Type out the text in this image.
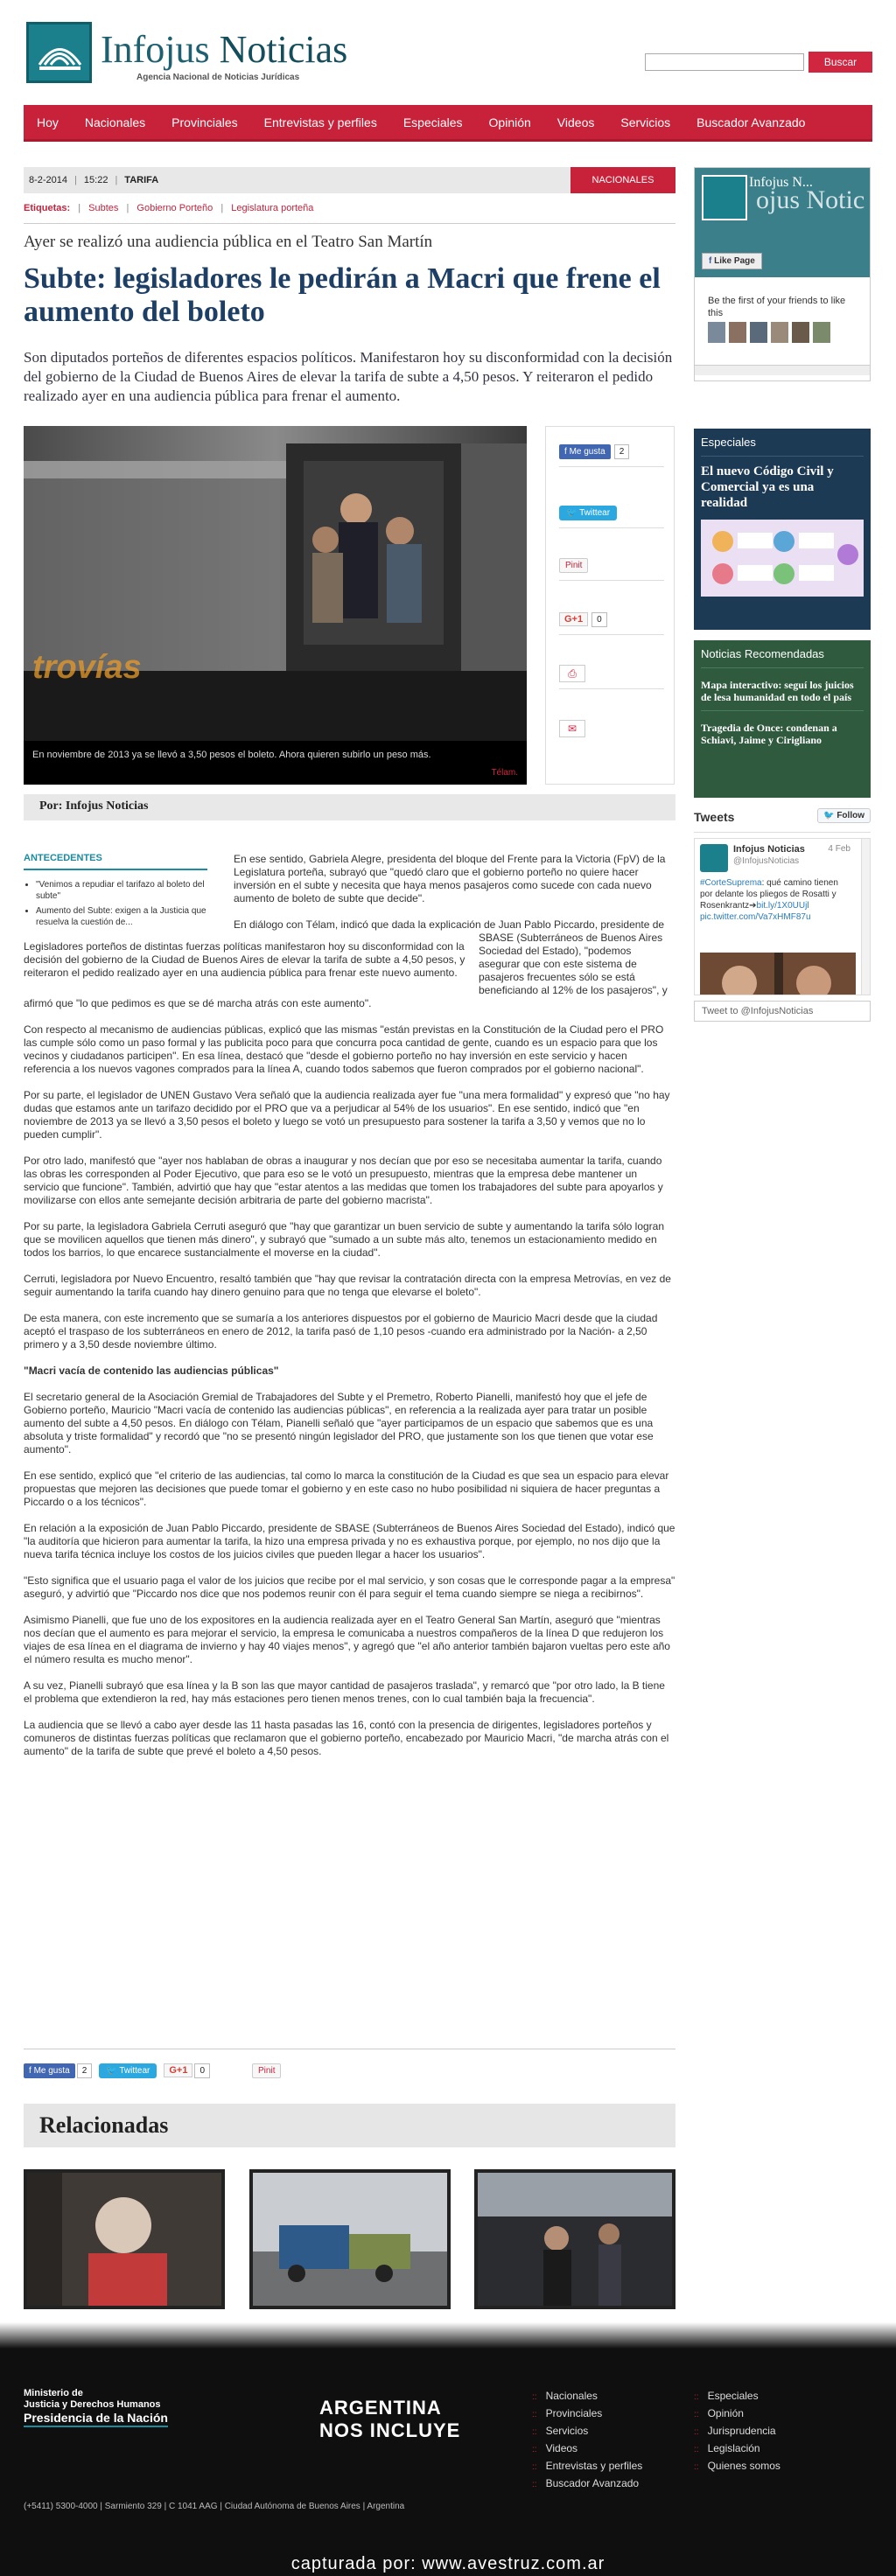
Infojus Noticias
Agencia Nacional de Noticias Jurídicas
Buscar
Hoy Nacionales Provinciales Entrevistas y perfiles Especiales Opinión Videos Servicios Buscador Avanzado
8-2-2014 | 15:22 | TARIFA	NACIONALES
Etiquetas: | Subtes | Gobierno Porteño | Legislatura porteña
Ayer se realizó una audiencia pública en el Teatro San Martín
Subte: legisladores le pedirán a Macri que frene el aumento del boleto
Son diputados porteños de diferentes espacios políticos. Manifestaron hoy su disconformidad con la decisión del gobierno de la Ciudad de Buenos Aires de elevar la tarifa de subte a 4,50 pesos. Y reiteraron el pedido realizado ayer en una audiencia pública para frenar el aumento.
trovías
En noviembre de 2013 ya se llevó a 3,50 pesos el boleto. Ahora quieren subirlo un peso más.
Télam.
f Me gusta 2
🐦 Twittear
Pinit
G+1 0
⎙
✉
Por: Infojus Noticias

Legisladores porteños de distintas fuerzas políticas manifestaron hoy su disconformidad con la decisión del gobierno de la Ciudad de Buenos Aires de elevar la tarifa de subte a 4,50 pesos, y reiteraron el pedido realizado ayer en una audiencia pública para frenar este nuevo aumento.

En ese sentido, Gabriela Alegre, presidenta del bloque del Frente para la Victoria (FpV) de la Legislatura porteña, subrayó que "quedó claro que el gobierno porteño no quiere hacer inversión en el subte y necesita que haya menos pasajeros como sucede con cada nuevo aumento de boleto de subte que decide".

En diálogo con Télam, indicó que dada la explicación de Juan Pablo Piccardo, presidente de SBASE (Subterráneos de Buenos Aires Sociedad del Estado), "podemos asegurar que con este sistema de pasajeros frecuentes sólo se está beneficiando al 12% de los pasajeros", y afirmó que "lo que pedimos es que se dé marcha atrás con este aumento".

Con respecto al mecanismo de audiencias públicas, explicó que las mismas "están previstas en la Constitución de la Ciudad pero el PRO las cumple sólo como un paso formal y las publicita poco para que concurra poca cantidad de gente, cuando es un espacio para que los vecinos y ciudadanos participen". En esa línea, destacó que "desde el gobierno porteño no hay inversión en este servicio y hacen referencia a los nuevos vagones comprados para la línea A, cuando todos sabemos que fueron comprados por el gobierno nacional".

Por su parte, el legislador de UNEN Gustavo Vera señaló que la audiencia realizada ayer fue "una mera formalidad" y expresó que "no hay dudas que estamos ante un tarifazo decidido por el PRO que va a perjudicar al 54% de los usuarios". En ese sentido, indicó que "en noviembre de 2013 ya se llevó a 3,50 pesos el boleto y luego se votó un presupuesto para sostener la tarifa a 3,50 y vemos que no lo pueden cumplir".

Por otro lado, manifestó que "ayer nos hablaban de obras a inaugurar y nos decían que por eso se necesitaba aumentar la tarifa, cuando las obras les corresponden al Poder Ejecutivo, que para eso se le votó un presupuesto, mientras que la empresa debe mantener un servicio que funcione". También, advirtió que hay que "estar atentos a las medidas que tomen los trabajadores del subte para apoyarlos y movilizarse con ellos ante semejante decisión arbitraria de parte del gobierno macrista".

Por su parte, la legisladora Gabriela Cerruti aseguró que "hay que garantizar un buen servicio de subte y aumentando la tarifa sólo logran que se movilicen aquellos que tienen más dinero", y subrayó que "sumado a un subte más alto, tenemos un estacionamiento medido en todos los barrios, lo que encarece sustancialmente el moverse en la ciudad".

Cerruti, legisladora por Nuevo Encuentro, resaltó también que "hay que revisar la contratación directa con la empresa Metrovías, en vez de seguir aumentando la tarifa cuando hay dinero genuino para que no tenga que elevarse el boleto".

De esta manera, con este incremento que se sumaría a los anteriores dispuestos por el gobierno de Mauricio Macri desde que la ciudad aceptó el traspaso de los subterráneos en enero de 2012, la tarifa pasó de 1,10 pesos -cuando era administrado por la Nación- a 2,50 primero y a 3,50 desde noviembre último.

"Macri vacía de contenido las audiencias públicas"

El secretario general de la Asociación Gremial de Trabajadores del Subte y el Premetro, Roberto Pianelli, manifestó hoy que el jefe de Gobierno porteño, Mauricio "Macri vacía de contenido las audiencias públicas", en referencia a la realizada ayer para tratar un posible aumento del subte a 4,50 pesos. En diálogo con Télam, Pianelli señaló que "ayer participamos de un espacio que sabemos que es una absoluta y triste formalidad" y recordó que "no se presentó ningún legislador del PRO, que justamente son los que tienen que votar ese aumento".

En ese sentido, explicó que "el criterio de las audiencias, tal como lo marca la constitución de la Ciudad es que sea un espacio para elevar propuestas que mejoren las decisiones que puede tomar el gobierno y en este caso no hubo posibilidad ni siquiera de hacer preguntas a Piccardo o a los técnicos".

En relación a la exposición de Juan Pablo Piccardo, presidente de SBASE (Subterráneos de Buenos Aires Sociedad del Estado), indicó que "la auditoría que hicieron para aumentar la tarifa, la hizo una empresa privada y no es exhaustiva porque, por ejemplo, no nos dijo que la nueva tarifa técnica incluye los costos de los juicios civiles que pueden llegar a hacer los usuarios".

"Esto significa que el usuario paga el valor de los juicios que recibe por el mal servicio, y son cosas que le corresponde pagar a la empresa" aseguró, y advirtió que "Piccardo nos dice que nos podemos reunir con él para seguir el tema cuando siempre se niega a recibirnos".

Asimismo Pianelli, que fue uno de los expositores en la audiencia realizada ayer en el Teatro General San Martín, aseguró que "mientras nos decían que el aumento es para mejorar el servicio, la empresa le comunicaba a nuestros compañeros de la línea D que redujeron los viajes de esa línea en el diagrama de invierno y hay 40 viajes menos", y agregó que "el año anterior también bajaron vueltas pero este año el número resulta es mucho menor".

A su vez, Pianelli subrayó que esa línea y la B son las que mayor cantidad de pasajeros traslada", y remarcó que "por otro lado, la B tiene el problema que extendieron la red, hay más estaciones pero tienen menos trenes, con lo cual también baja la frecuencia".

La audiencia que se llevó a cabo ayer desde las 11 hasta pasadas las 16, contó con la presencia de dirigentes, legisladores porteños y comuneros de distintas fuerzas políticas que reclamaron que el gobierno porteño, encabezado por Mauricio Macri, "de marcha atrás con el aumento" de la tarifa de subte que prevé el boleto a 4,50 pesos.

ANTECEDENTES
• "Venimos a repudiar el tarifazo al boleto del subte"
• Aumento del Subte: exigen a la Justicia que resuelva la cuestión de...
f Me gusta	2	🐦 Twittear	G+1	0	Pinit
Relacionadas
ojus Notic
Infojus N...
f Like Page
Be the first of your friends to like this
Especiales
El nuevo Código Civil y Comercial ya es una realidad
Noticias Recomendadas
Mapa interactivo: seguí los juicios de lesa humanidad en todo el país
Tragedia de Once: condenan a Schiavi, Jaime y Cirigliano
Tweets	🐦 Follow
Infojus Noticias
@InfojusNoticias
4 Feb
#CorteSuprema: qué camino tienen por delante los pliegos de Rosatti y Rosenkrantz➔bit.ly/1X0UUjl
pic.twitter.com/Va7xHMF87u
Tweet to @InfojusNoticias
Ministerio de
Justicia y Derechos Humanos
Presidencia de la Nación	ARGENTINA
NOS INCLUYE
(+5411) 5300-4000 | Sarmiento 329 | C 1041 AAG | Ciudad Autónoma de Buenos Aires | Argentina
:: Nacionales
:: Provinciales
:: Servicios
:: Videos
:: Entrevistas y perfiles
:: Buscador Avanzado
:: Especiales
:: Opinión
:: Jurisprudencia
:: Legislación
:: Quienes somos
capturada por: www.avestruz.com.ar
